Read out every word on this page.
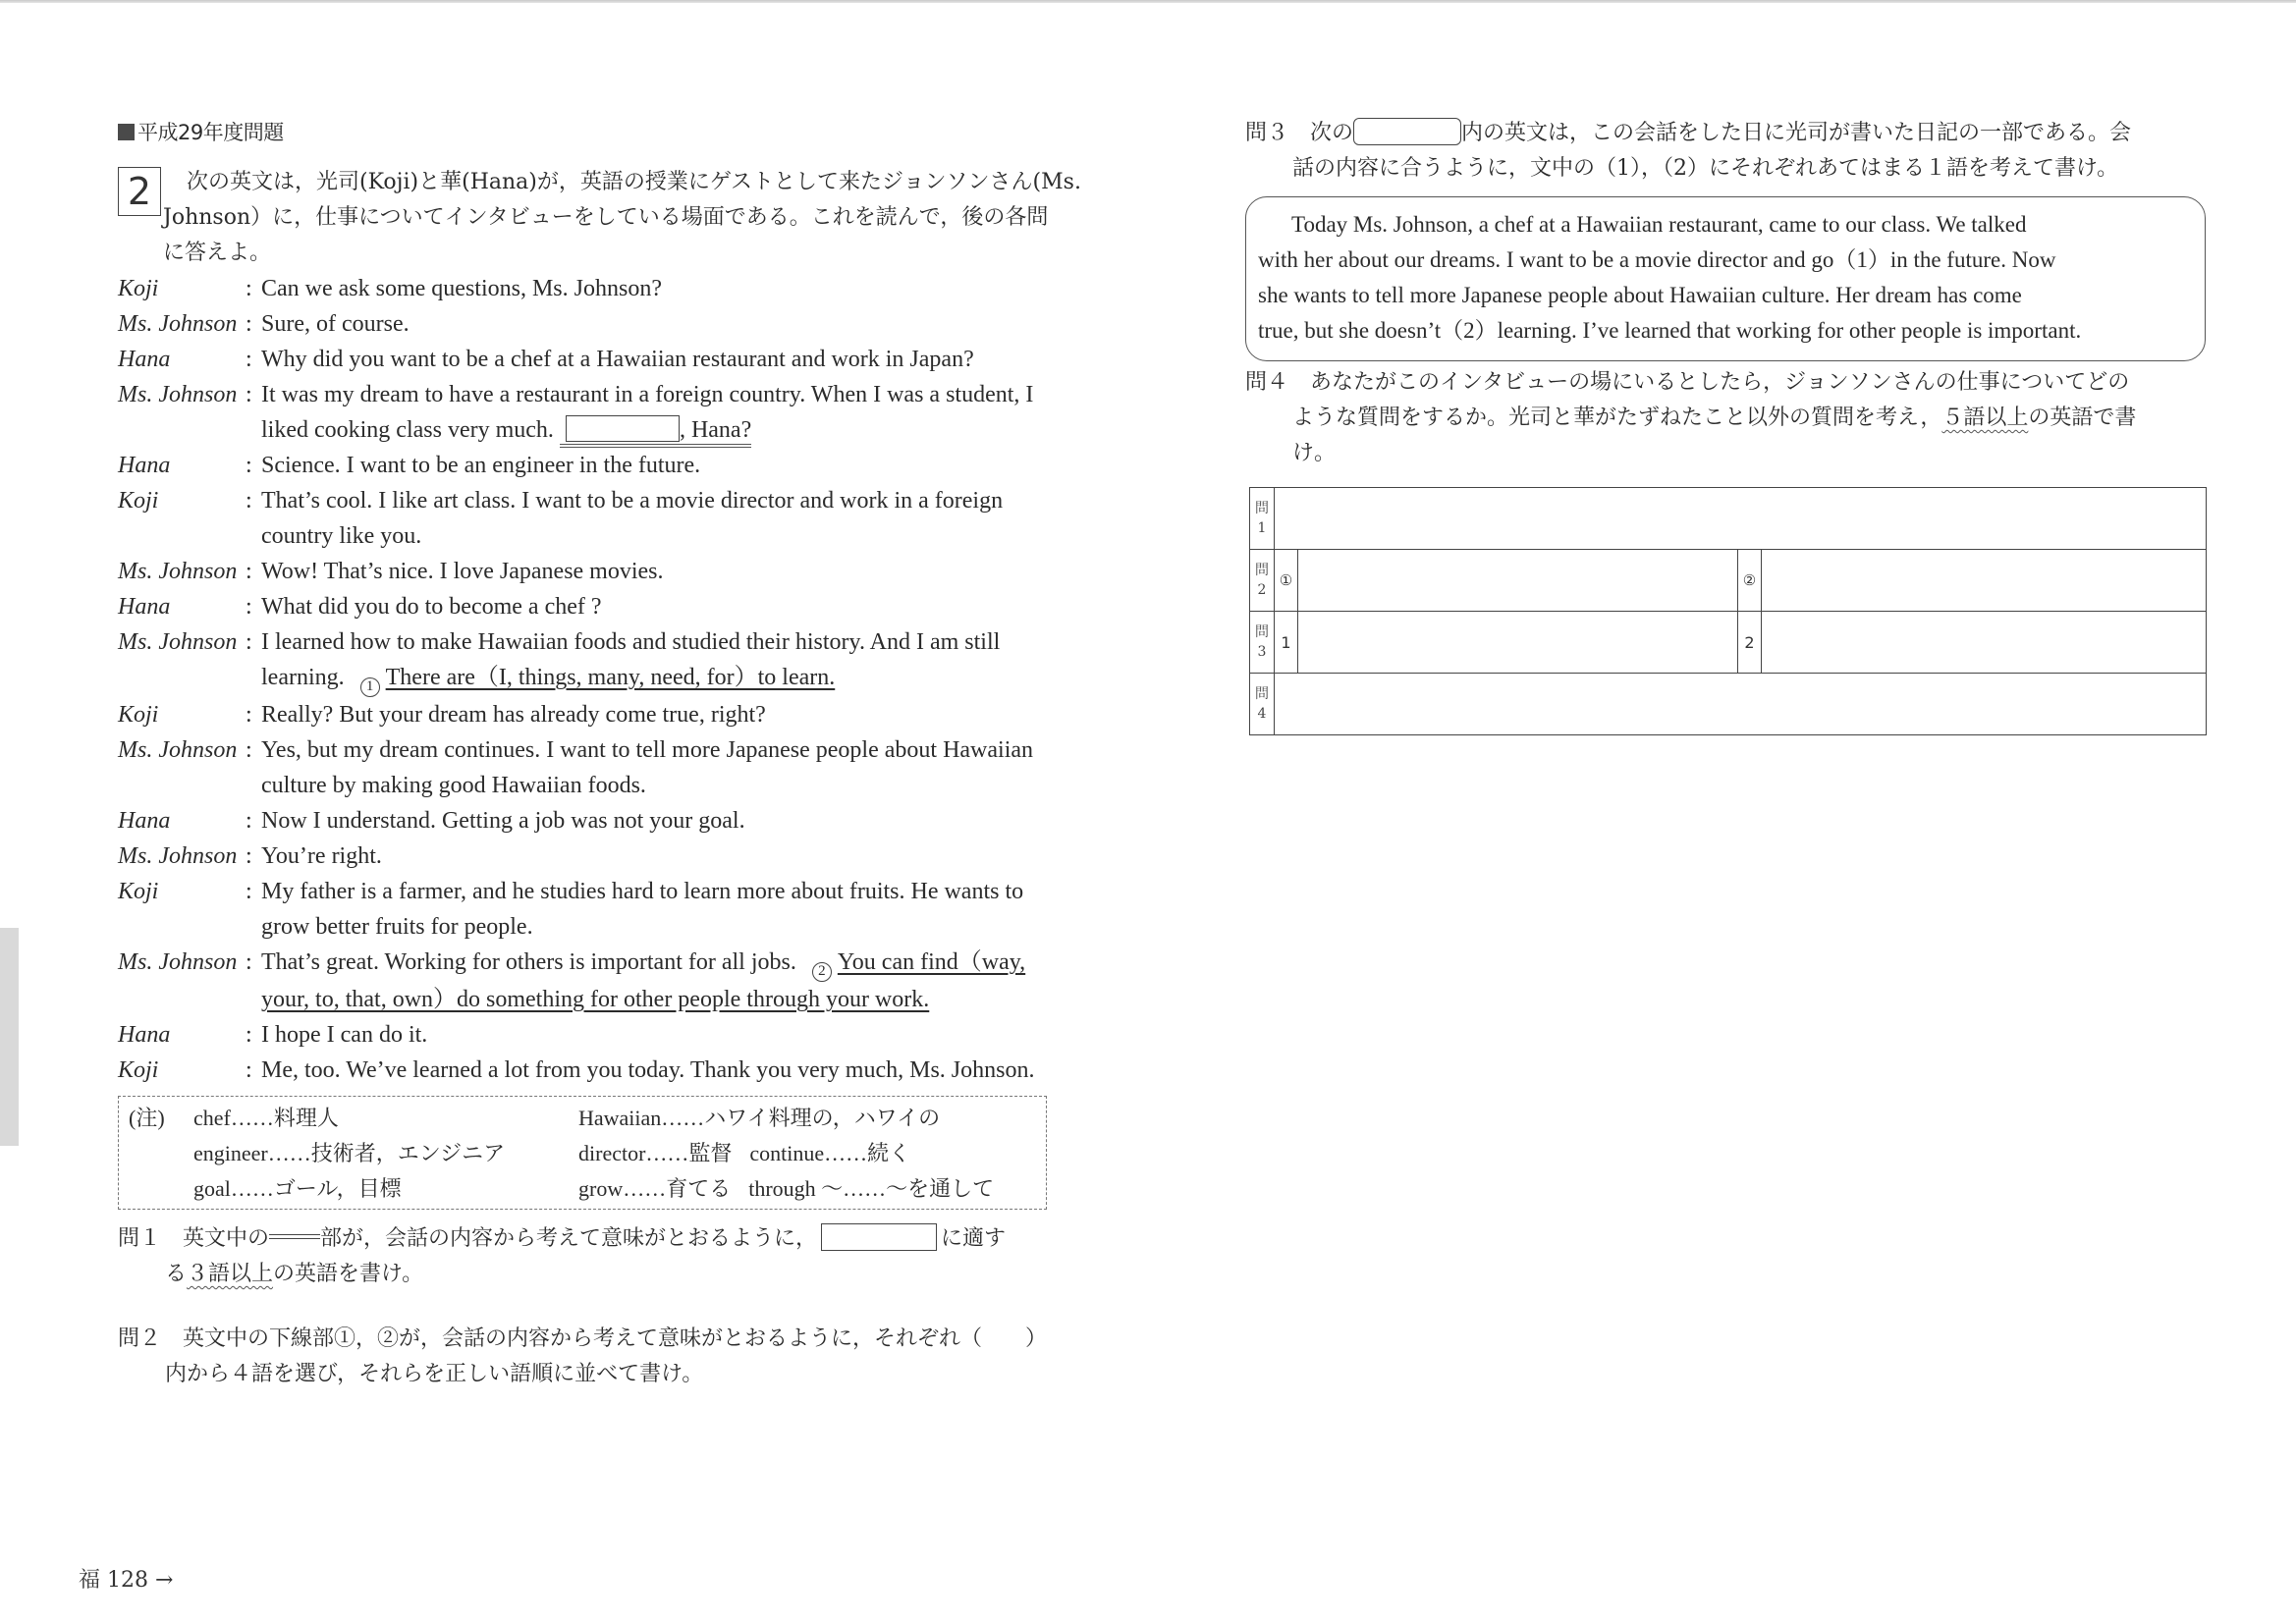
平成29年度問題
2	次の英文は，光司(Koji)と華(Hana)が，英語の授業にゲストとして来たジョンソンさん(Ms.
Johnson）に，仕事についてインタビューをしている場面である。これを読んで，後の各問
に答えよ。
Koji	: Can we ask some questions, Ms. Johnson?
Ms. Johnson : Sure, of course.
Hana	: Why did you want to be a chef at a Hawaiian restaurant and work in Japan?
Ms. Johnson : It was my dream to have a restaurant in a foreign country. When I was a student, I
liked cooking class very much.	, Hana?
Hana	: Science. I want to be an engineer in the future.
Koji	: That’s cool. I like art class. I want to be a movie director and work in a foreign
country like you.
Ms. Johnson : Wow! That’s nice. I love Japanese movies.
Hana	: What did you do to become a chef ?
Ms. Johnson : I learned how to make Hawaiian foods and studied their history. And I am still
learning. 1 There are（I, things, many, need, for）to learn.
Koji	: Really? But your dream has already come true, right?
Ms. Johnson : Yes, but my dream continues. I want to tell more Japanese people about Hawaiian
culture by making good Hawaiian foods.
Hana	: Now I understand. Getting a job was not your goal.
Ms. Johnson : You’re right.
Koji	: My father is a farmer, and he studies hard to learn more about fruits. He wants to
grow better fruits for people.
Ms. Johnson : That’s great. Working for others is important for all jobs. 2 You can find（way,
your, to, that, own）do something for other people through your work.
Hana	: I hope I can do it.
Koji	: Me, too. We’ve learned a lot from you today. Thank you very much, Ms. Johnson.
(注)	chef……料理人	Hawaiian……ハワイ料理の，ハワイの
engineer……技術者，エンジニア	director……監督 continue……続く
goal……ゴール，目標	grow……育てる through ～……～を通して
問１ 英文中の 部が，会話の内容から考えて意味がとおるように，	に適す
る３語以上の英語を書け。
問２ 英文中の下線部①，②が，会話の内容から考えて意味がとおるように，それぞれ（　　）
内から４語を選び，それらを正しい語順に並べて書け。
問３ 次の	内の英文は，この会話をした日に光司が書いた日記の一部である。会
話の内容に合うように，文中の（1），（2）にそれぞれあてはまる１語を考えて書け。
Today Ms. Johnson, a chef at a Hawaiian restaurant, came to our class. We talked
with her about our dreams. I want to be a movie director and go（1）in the future. Now
she wants to tell more Japanese people about Hawaiian culture. Her dream has come
true, but she doesn’t（2）learning. I’ve learned that working for other people is important.
問４ あなたがこのインタビューの場にいるとしたら，ジョンソンさんの仕事についてどの
ような質問をするか。光司と華がたずねたこと以外の質問を考え，５語以上の英語で書
け。
問
1				

問
2	①		②	

問
3	1		2	

問
4				

福 128 →
